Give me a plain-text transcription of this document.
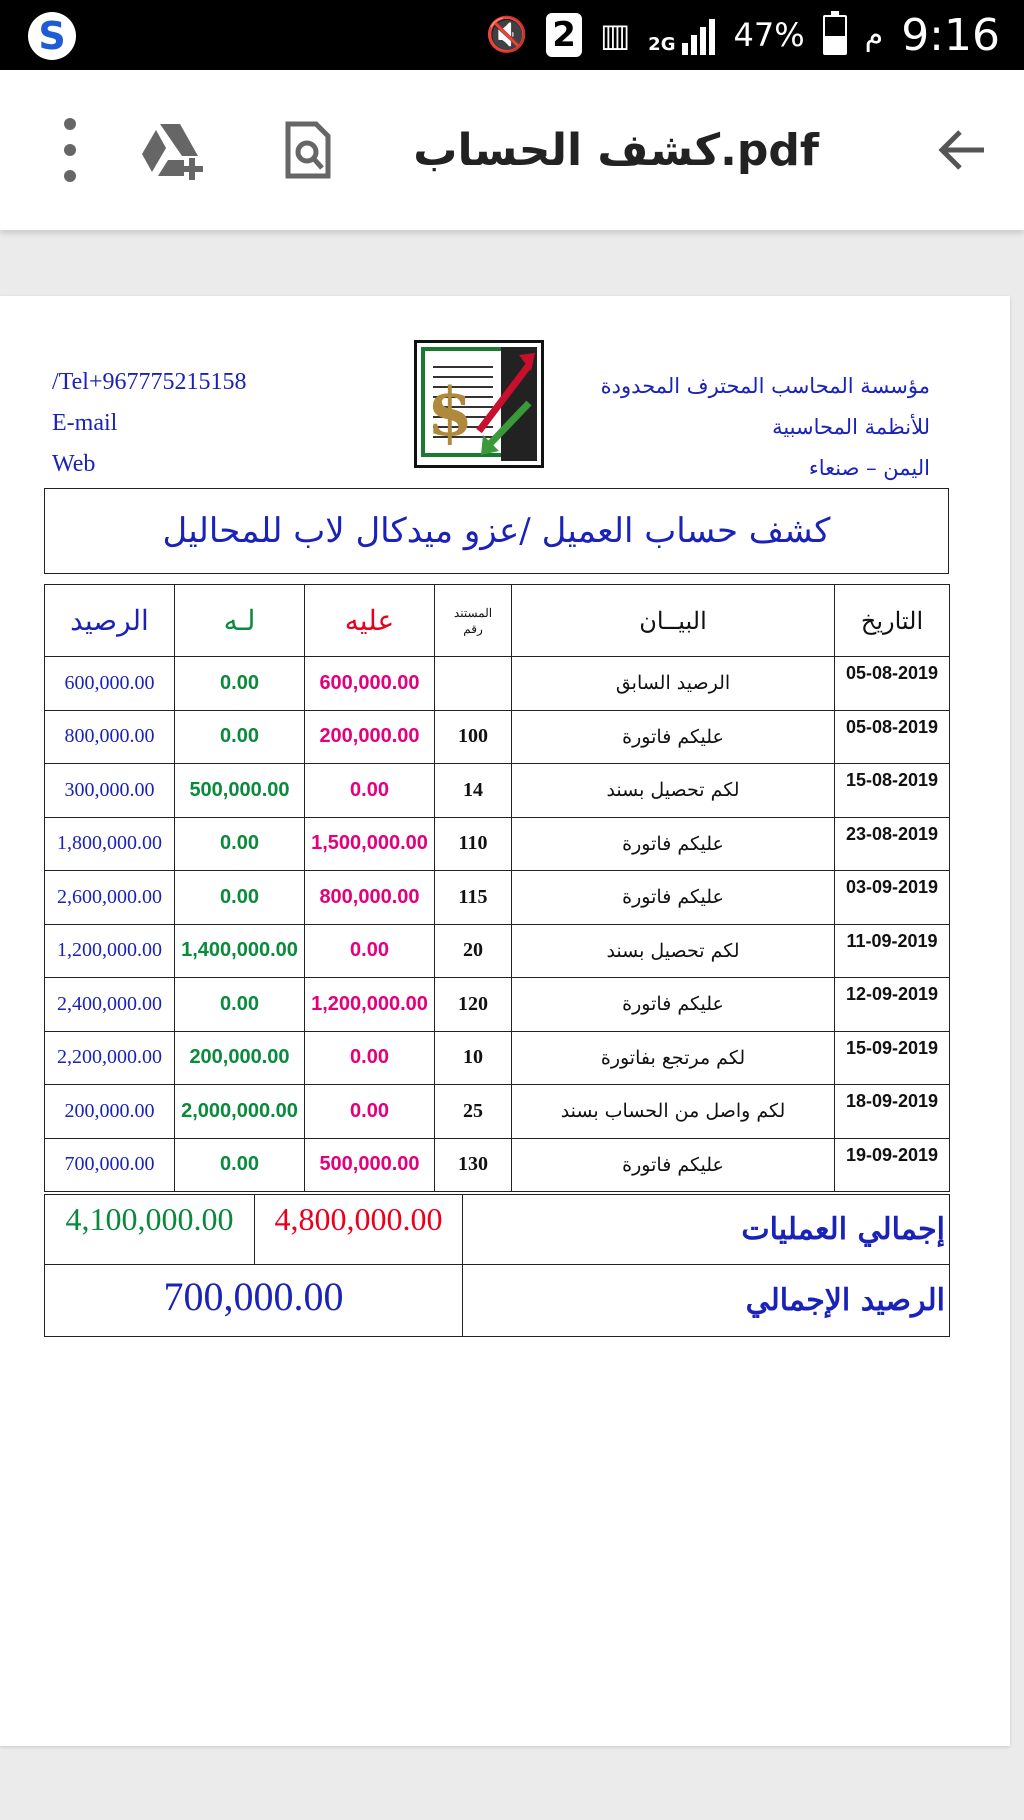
S	🔇 2 ▥ 2G 47% م 9:16
كشف الحساب.pdf
مؤسسة المحاسب المحترف المحدودة
للأنظمة المحاسبية
اليمن – صنعاء
$
/Tel+967775215158
E-mail
Web
كشف حساب العميل /عزو ميدكال لاب للمحاليل
التاريخ	البيــان	المستند
رقم	عليه	لـه	الرصيد
05-08-2019	الرصيد السابق		600,000.00	0.00	600,000.00
05-08-2019	عليكم فاتورة	100	200,000.00	0.00	800,000.00
15-08-2019	لكم تحصيل بسند	14	0.00	500,000.00	300,000.00
23-08-2019	عليكم فاتورة	110	1,500,000.00	0.00	1,800,000.00
03-09-2019	عليكم فاتورة	115	800,000.00	0.00	2,600,000.00
11-09-2019	لكم تحصيل بسند	20	0.00	1,400,000.00	1,200,000.00
12-09-2019	عليكم فاتورة	120	1,200,000.00	0.00	2,400,000.00
15-09-2019	لكم مرتجع بفاتورة	10	0.00	200,000.00	2,200,000.00
18-09-2019	لكم واصل من الحساب بسند	25	0.00	2,000,000.00	200,000.00
19-09-2019	عليكم فاتورة	130	500,000.00	0.00	700,000.00
إجمالي العمليات	4,800,000.00	4,100,000.00
الرصيد الإجمالي	700,000.00	
